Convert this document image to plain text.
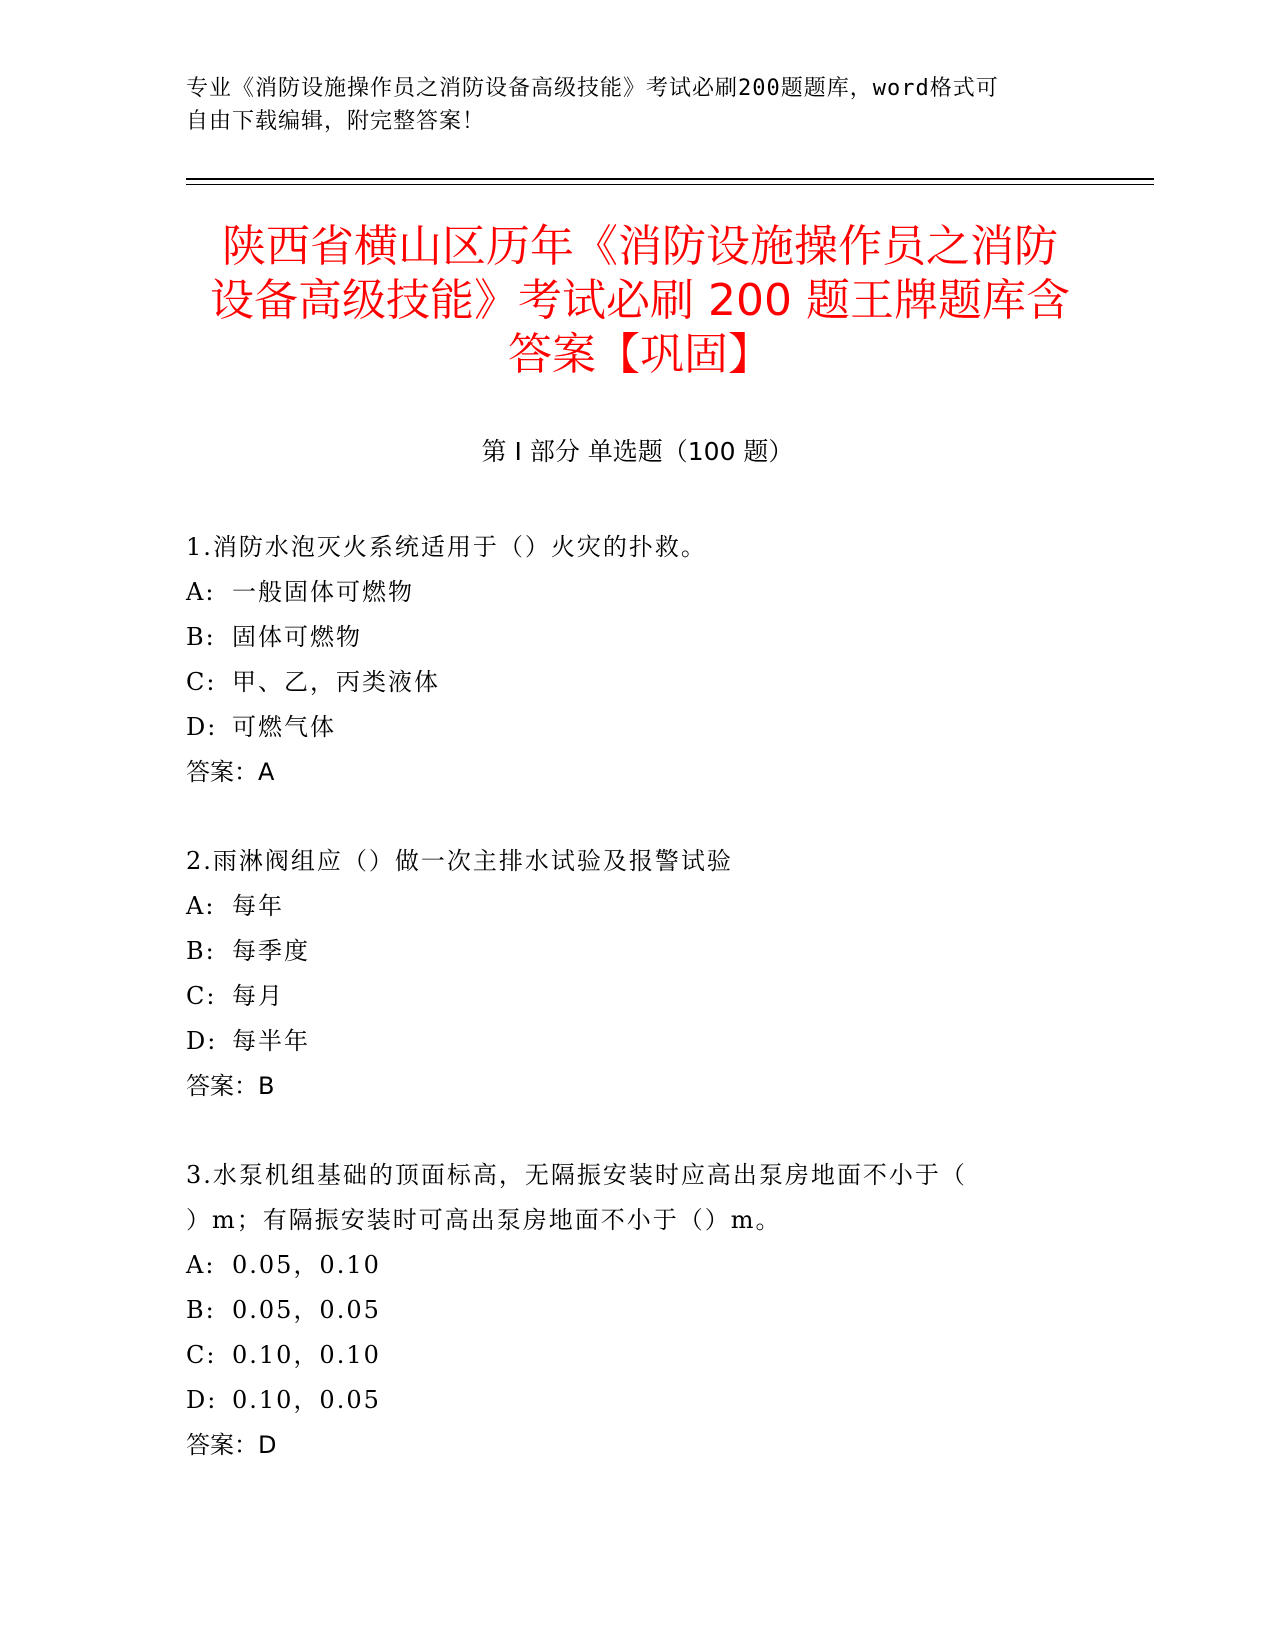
专业《消防设施操作员之消防设备高级技能》考试必刷200题题库，word格式可
自由下载编辑，附完整答案！
陕西省横山区历年《消防设施操作员之消防
设备高级技能》考试必刷 200 题王牌题库含
答案【巩固】
第 I 部分 单选题（100 题）
1.消防水泡灭火系统适用于（）火灾的扑救。
A: 一般固体可燃物
B: 固体可燃物
C: 甲、乙，丙类液体
D: 可燃气体
答案：A
2.雨淋阀组应（）做一次主排水试验及报警试验
A: 每年
B: 每季度
C: 每月
D: 每半年
答案：B
3.水泵机组基础的顶面标高，无隔振安装时应高出泵房地面不小于（
）m；有隔振安装时可高出泵房地面不小于（）m。
A: 0.05，0.10
B: 0.05，0.05
C: 0.10，0.10
D: 0.10，0.05
答案：D
